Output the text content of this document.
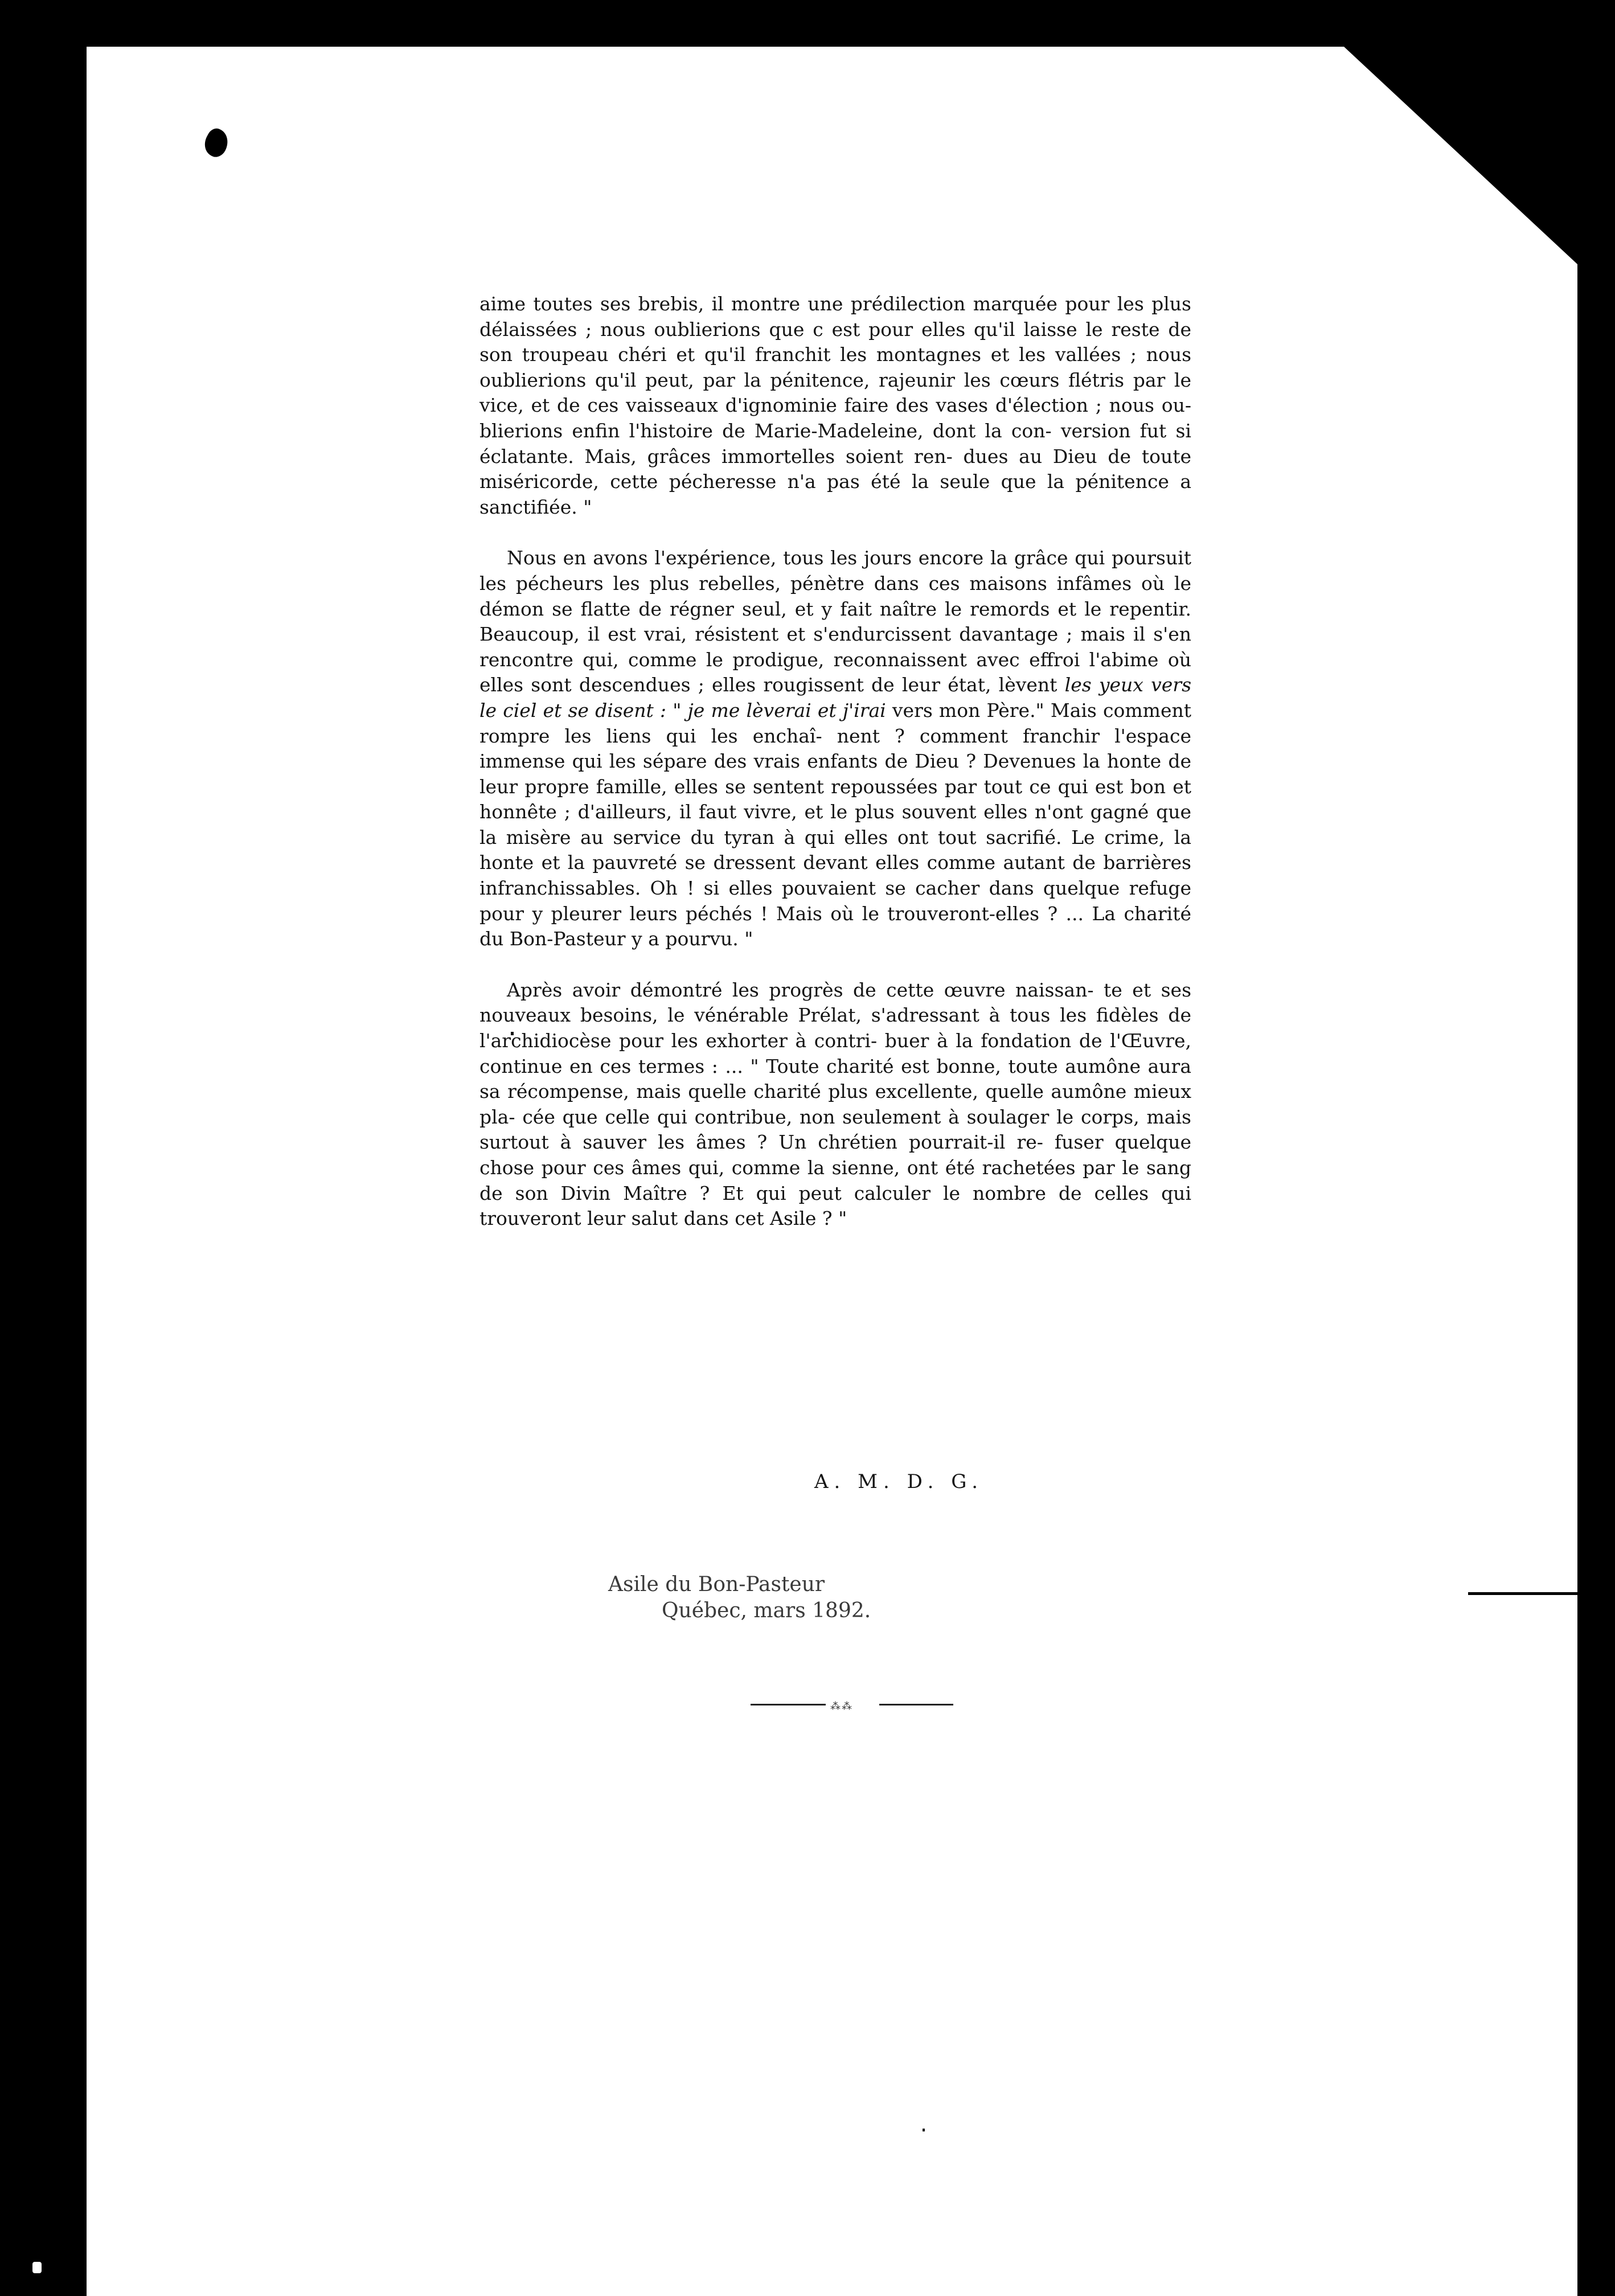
aime toutes ses brebis, il montre une prédilection marquée pour les plus délaissées ; nous oublierions que c est pour elles qu'il laisse le reste de son troupeau chéri et qu'il franchit les montagnes et les vallées ; nous oublierions qu'il peut, par la pénitence, rajeunir les cœurs flétris par le vice, et de ces vaisseaux d'ignominie faire des vases d'élection ; nous ou- blierions enfin l'histoire de Marie-Madeleine, dont la con- version fut si éclatante. Mais, grâces immortelles soient ren- dues au Dieu de toute miséricorde, cette pécheresse n'a pas été la seule que la pénitence a sanctifiée. "

Nous en avons l'expérience, tous les jours encore la grâce qui poursuit les pécheurs les plus rebelles, pénètre dans ces maisons infâmes où le démon se flatte de régner seul, et y fait naître le remords et le repentir. Beaucoup, il est vrai, résistent et s'endurcissent davantage ; mais il s'en rencontre qui, comme le prodigue, reconnaissent avec effroi l'abime où elles sont descendues ; elles rougissent de leur état, lèvent les yeux vers le ciel et se disent : " je me lèverai et j'irai vers mon Père." Mais comment rompre les liens qui les enchaî- nent ? comment franchir l'espace immense qui les sépare des vrais enfants de Dieu ? Devenues la honte de leur propre famille, elles se sentent repoussées par tout ce qui est bon et honnête ; d'ailleurs, il faut vivre, et le plus souvent elles n'ont gagné que la misère au service du tyran à qui elles ont tout sacrifié. Le crime, la honte et la pauvreté se dressent devant elles comme autant de barrières infranchissables. Oh ! si elles pouvaient se cacher dans quelque refuge pour y pleurer leurs péchés ! Mais où le trouveront-elles ? ... La charité du Bon-Pasteur y a pourvu. "

Après avoir démontré les progrès de cette œuvre naissan- te et ses nouveaux besoins, le vénérable Prélat, s'adressant à tous les fidèles de l'archidiocèse pour les exhorter à contri- buer à la fondation de l'Œuvre, continue en ces termes : ... " Toute charité est bonne, toute aumône aura sa récompense, mais quelle charité plus excellente, quelle aumône mieux pla- cée que celle qui contribue, non seulement à soulager le corps, mais surtout à sauver les âmes ? Un chrétien pourrait-il re- fuser quelque chose pour ces âmes qui, comme la sienne, ont été rachetées par le sang de son Divin Maître ? Et qui peut calculer le nombre de celles qui trouveront leur salut dans cet Asile ? "

A. M. D. G.
Asile du Bon-Pasteur
Québec, mars 1892.
⁂⁂
